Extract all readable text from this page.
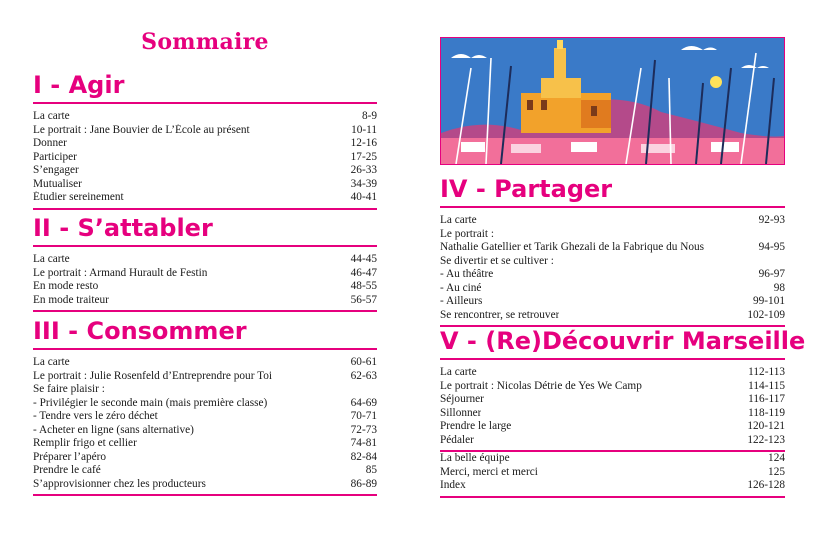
Sommaire
I - Agir
La carte	8-9
Le portrait : Jane Bouvier de L’École au présent	10-11
Donner	12-16
Participer	17-25
S’engager	26-33
Mutualiser	34-39
Étudier sereinement	40-41
II - S’attabler
La carte	44-45
Le portrait : Armand Hurault de Festin	46-47
En mode resto	48-55
En mode traiteur	56-57
III - Consommer
La carte	60-61
Le portrait : Julie Rosenfeld d’Entreprendre pour Toi	62-63
Se faire plaisir :
- Privilégier le seconde main (mais première classe)	64-69
- Tendre vers le zéro déchet	70-71
- Acheter en ligne (sans alternative)	72-73
Remplir frigo et cellier	74-81
Préparer l’apéro	82-84
Prendre le café	85
S’approvisionner chez les producteurs	86-89
IV - Partager
La carte	92-93
Le portrait :
Nathalie Gatellier et Tarik Ghezali de la Fabrique du Nous	94-95
Se divertir et se cultiver :
- Au théâtre	96-97
- Au ciné	98
- Ailleurs	99-101
Se rencontrer, se retrouver	102-109
V - (Re)Découvrir Marseille
La carte	112-113
Le portrait : Nicolas Détrie de Yes We Camp	114-115
Séjourner	116-117
Sillonner	118-119
Prendre le large	120-121
Pédaler	122-123
La belle équipe	124
Merci, merci et merci	125
Index	126-128
